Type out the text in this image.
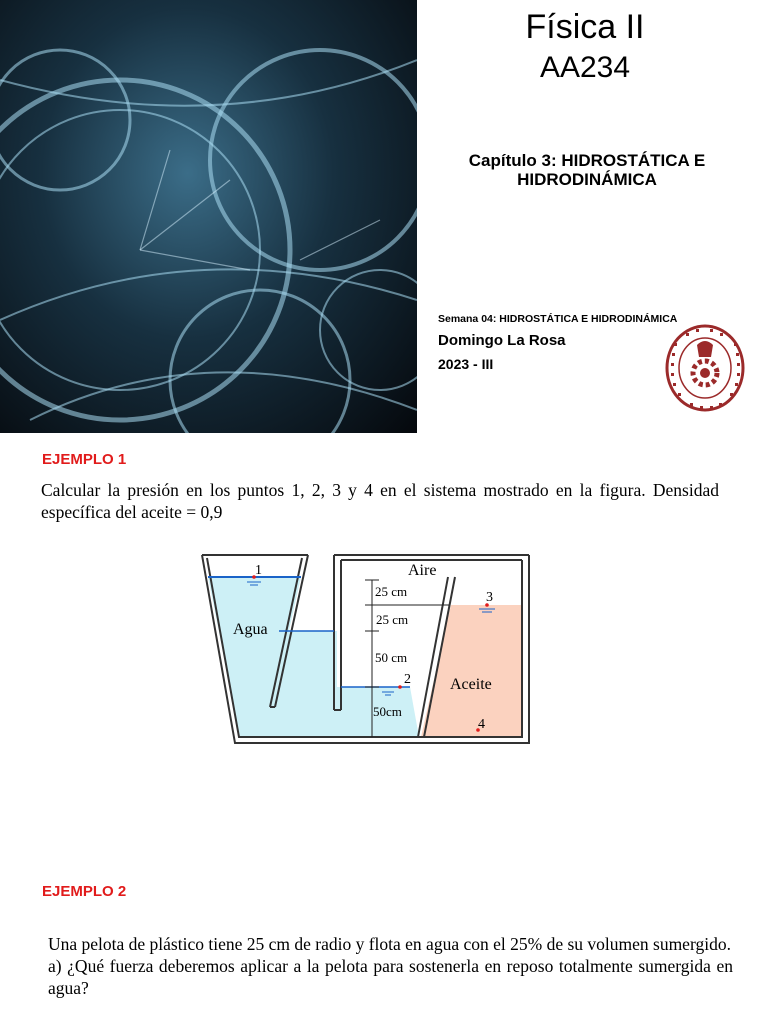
Física II
AA234
Capítulo 3: HIDROSTÁTICA E
HIDRODINÁMICA
Semana 04: HIDROSTÁTICA E HIDRODINÁMICA
Domingo La Rosa
2023 - III
EJEMPLO 1
Calcular la presión en los puntos 1, 2, 3 y 4 en el sistema mostrado en la figura. Densidad específica del aceite = 0,9
Agua
Aire
Aceite
1
2
3
4
25 cm
25 cm
50 cm
50cm
EJEMPLO 2
Una pelota de plástico tiene 25 cm de radio y flota en agua con el 25% de su volumen sumergido.
a) ¿Qué fuerza deberemos aplicar a la pelota para sostenerla en reposo totalmente sumergida en agua?
